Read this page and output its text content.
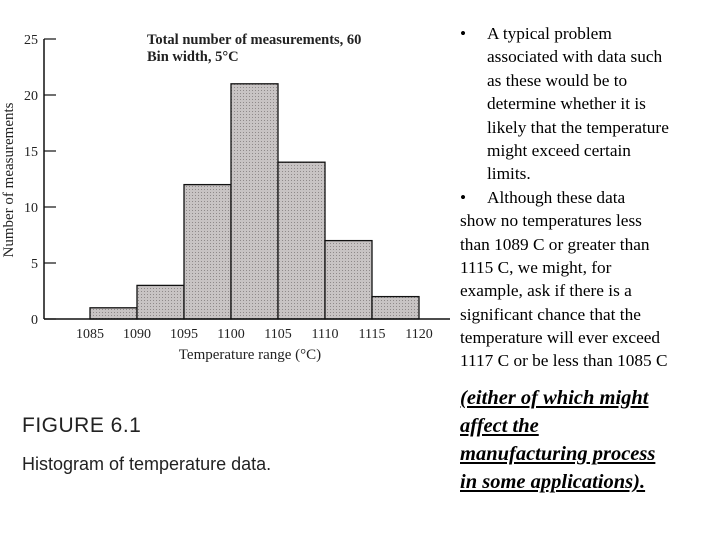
0
5
10
15
20
25
1085 1090 1095 1100 1105 1110 1115 1120
Temperature range (°C)
Number of measurements
Total number of measurements, 60
Bin width, 5°C
FIGURE 6.1
Histogram of temperature data.
• A typical problem
associated with data such
as these would be to
determine whether it is
likely that the temperature
might exceed certain
limits.
• Although these data
show no temperatures less
than 1089 C or greater than
1115 C, we might, for
example, ask if there is a
significant chance that the
temperature will ever exceed
1117 C or be less than 1085 C
(either of which might
affect the
manufacturing process
in some applications).
